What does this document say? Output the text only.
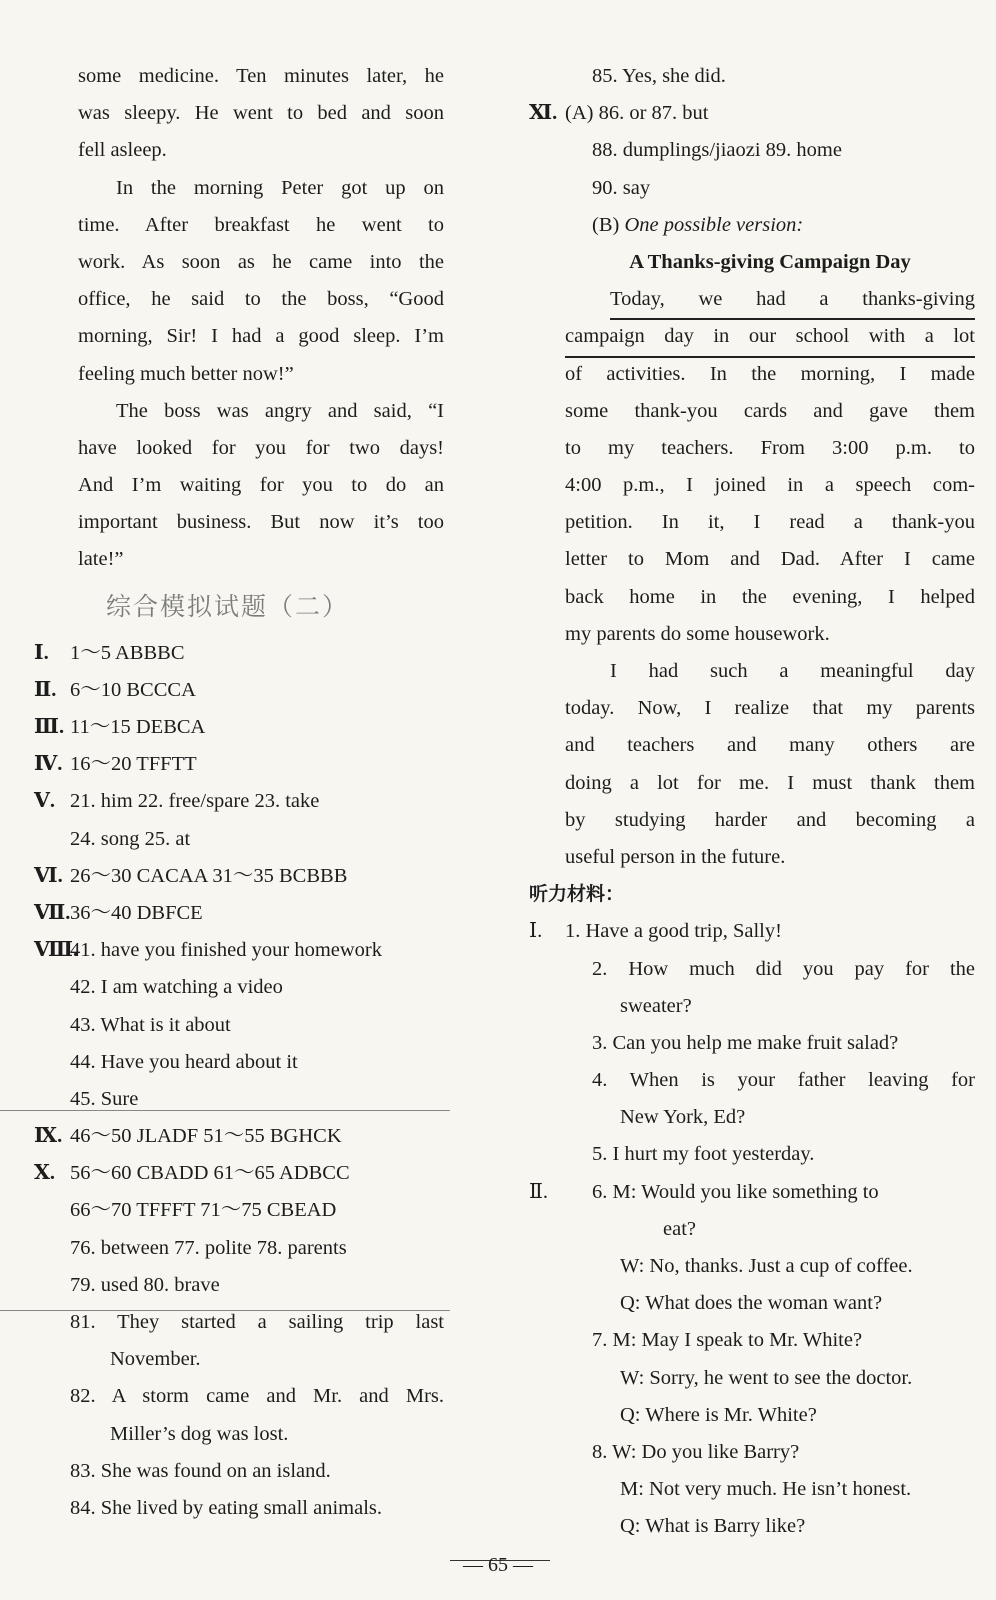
some medicine. Ten minutes later, he
was sleepy. He went to bed and soon
fell asleep.
In the morning Peter got up on
time. After breakfast he went to
work. As soon as he came into the
office, he said to the boss, “Good
morning, Sir! I had a good sleep. I’m
feeling much better now!”
The boss was angry and said, “I
have looked for you for two days!
And I’m waiting for you to do an
important business. But now it’s too
late!”
综合模拟试题（二）
Ⅰ. 1～5 ABBBC
Ⅱ. 6～10 BCCCA
Ⅲ. 11～15 DEBCA
Ⅳ. 16～20 TFFTT
Ⅴ. 21. him 22. free/spare 23. take
24. song 25. at
Ⅵ. 26～30 CACAA 31～35 BCBBB
Ⅶ.36～40 DBFCE
Ⅷ.41. have you finished your homework
42. I am watching a video
43. What is it about
44. Have you heard about it
45. Sure
Ⅸ. 46～50 JLADF 51～55 BGHCK
Ⅹ. 56～60 CBADD 61～65 ADBCC
66～70 TFFFT 71～75 CBEAD
76. between 77. polite 78. parents
79. used 80. brave
81. They started a sailing trip last
November.
82. A storm came and Mr. and Mrs.
Miller’s dog was lost.
83. She was found on an island.
84. She lived by eating small animals.
85. Yes, she did.
Ⅺ. (A) 86. or 87. but
88. dumplings/jiaozi 89. home
90. say
(B) One possible version:
A Thanks-giving Campaign Day
Today, we had a thanks-giving
campaign day in our school with a lot
of activities. In the morning, I made
some thank-you cards and gave them
to my teachers. From 3:00 p.m. to
4:00 p.m., I joined in a speech com-
petition. In it, I read a thank-you
letter to Mom and Dad. After I came
back home in the evening, I helped
my parents do some housework.
I had such a meaningful day
today. Now, I realize that my parents
and teachers and many others are
doing a lot for me. I must thank them
by studying harder and becoming a
useful person in the future.
听力材料：
Ⅰ. 1. Have a good trip, Sally!
2. How much did you pay for the
sweater?
3. Can you help me make fruit salad?
4. When is your father leaving for
New York, Ed?
5. I hurt my foot yesterday.
Ⅱ. 6. M: Would you like something to
eat?
W: No, thanks. Just a cup of coffee.
Q: What does the woman want?
7. M: May I speak to Mr. White?
W: Sorry, he went to see the doctor.
Q: Where is Mr. White?
8. W: Do you like Barry?
M: Not very much. He isn’t honest.
Q: What is Barry like?
— 65 —
